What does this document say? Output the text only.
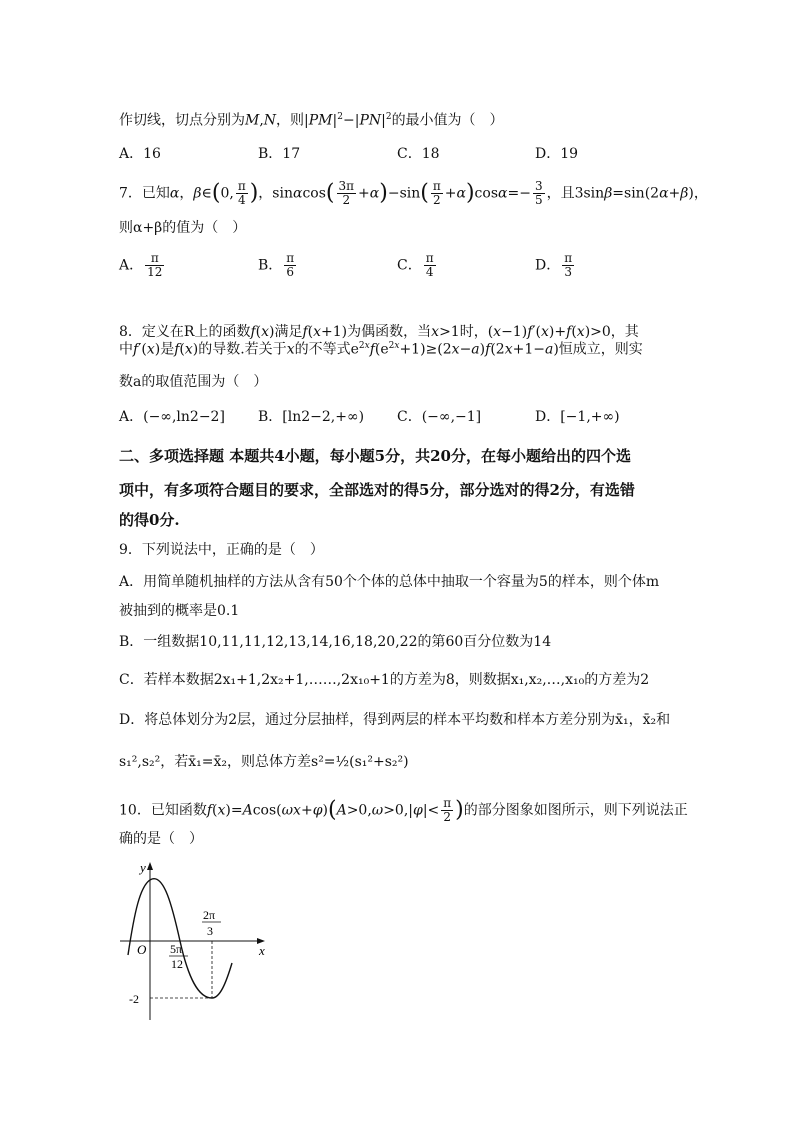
作切线，切点分别为M,N，则$|PM|^2-|PN|^2$的最小值为（　）
A．16	B．17	C．18	D．19
7．已知α，β∈(0, $\frac{\pi}{4}$ )，$\sin\alpha\cos( \frac{3\pi}{2} +\alpha)-\sin( \frac{\pi}{2} +\alpha)\cos\alpha=- \frac{3}{5}$ ，且3sinβ=sin(2α+β)，
则α+β的值为（　）
A． $\frac{\pi}{12}$	B． $\frac{\pi}{6}$	C． $\frac{\pi}{4}$	D． $\frac{\pi}{3}$
8．定义在R上的函数f(x)满足f(x+1)为偶函数，当x>1时，(x−1)f′(x)+f(x)>0，其
中f′(x)是f(x)的导数.若关于x的不等式$e^{2x}f(e^{2x}+1)\ge(2x-a)f(2x+1-a)$恒成立，则实
数a的取值范围为（　）
A．(−∞,ln2−2] B．[ln2−2,+∞) C．(−∞,−1]	D．[−1,+∞)
二、多项选择题 本题共4小题，每小题5分，共20分，在每小题给出的四个选
项中，有多项符合题目的要求，全部选对的得5分，部分选对的得2分，有选错
的得0分.
9．下列说法中，正确的是（　）
A．用简单随机抽样的方法从含有50个个体的总体中抽取一个容量为5的样本，则个体m
被抽到的概率是0.1
B．一组数据10,11,11,12,13,14,16,18,20,22的第60百分位数为14
C．若样本数据2x₁+1,2x₂+1,……,2x₁₀+1的方差为8，则数据x₁,x₂,…,x₁₀的方差为2
D．将总体划分为2层，通过分层抽样，得到两层的样本平均数和样本方差分别为x̄₁，x̄₂和
s₁²,s₂²，若x̄₁=x̄₂，则总体方差s²=½(s₁²+s₂²)
10．已知函数$f(x)=Acos(\omega x+\varphi)(A>0,\omega>0,|\varphi|< \frac{\pi}{2}$ )的部分图象如图所示，则下列说法正
确的是（　）
y
x
O 5π
12
2π
3
-2
